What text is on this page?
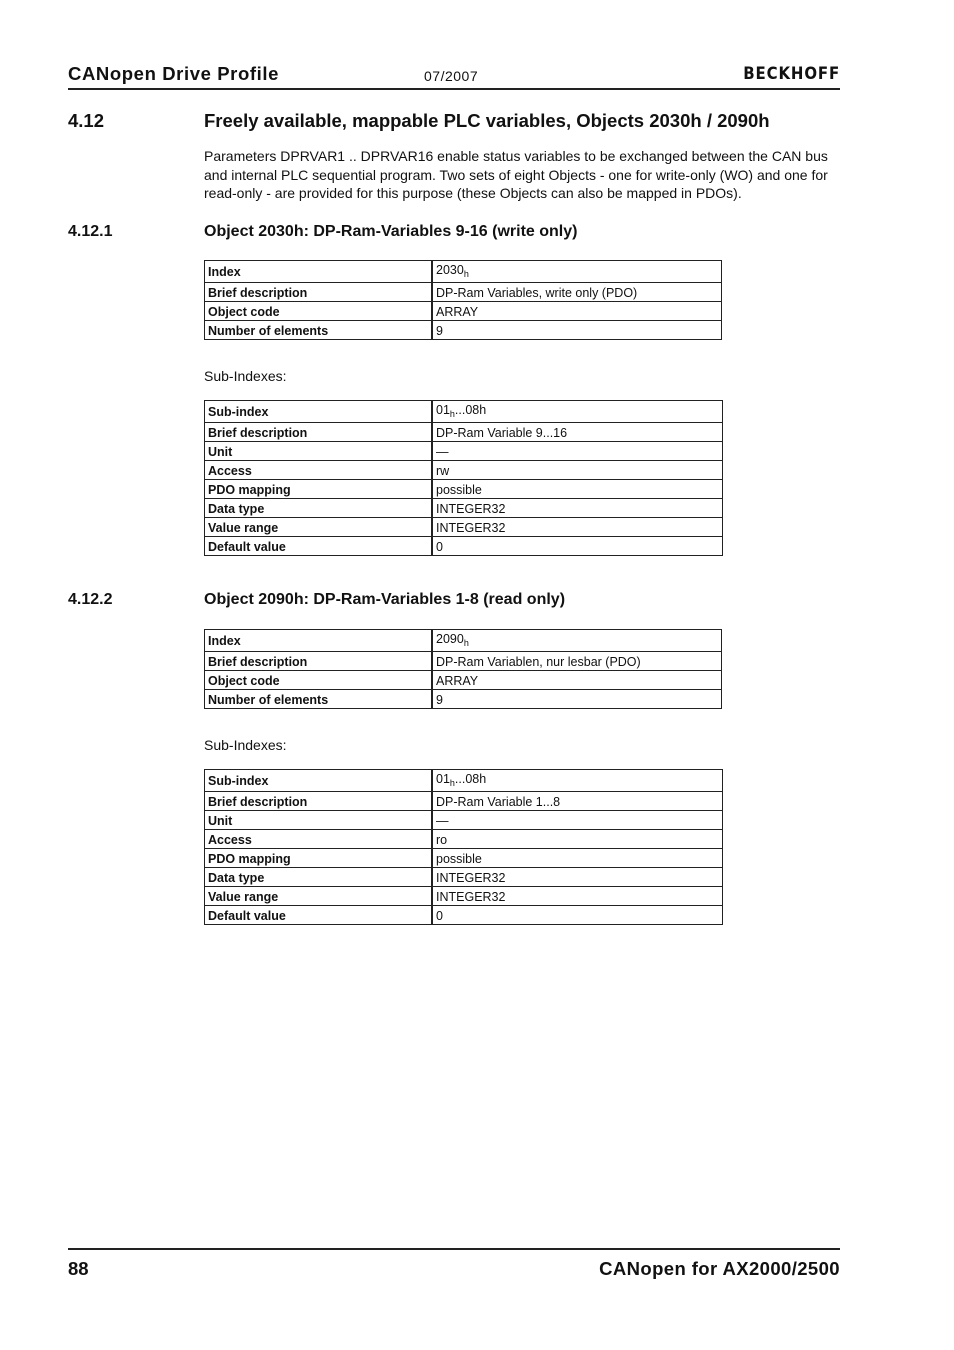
CANopen Drive Profile	07/2007	BECKHOFF
4.12	Freely available, mappable PLC variables, Objects 2030h / 2090h
Parameters DPRVAR1 .. DPRVAR16 enable status variables to be exchanged between the CAN bus and internal PLC sequential program. Two sets of eight Objects - one for write-only (WO) and one for read-only - are provided for this purpose (these Objects can also be mapped in PDOs).
4.12.1	Object 2030h: DP-Ram-Variables 9-16 (write only)
Index	$2030_h$
Brief description	DP-Ram Variables, write only (PDO)
Object code	ARRAY
Number of elements	9
Sub-Indexes:
Sub-index	$01_h...08h$
Brief description	DP-Ram Variable 9...16
Unit	—
Access	rw
PDO mapping	possible
Data type	INTEGER32
Value range	INTEGER32
Default value	0
4.12.2	Object 2090h: DP-Ram-Variables 1-8 (read only)
Index	$2090_h$
Brief description	DP-Ram Variablen, nur lesbar (PDO)
Object code	ARRAY
Number of elements	9
Sub-Indexes:
Sub-index	$01_h...08h$
Brief description	DP-Ram Variable 1...8
Unit	—
Access	ro
PDO mapping	possible
Data type	INTEGER32
Value range	INTEGER32
Default value	0
88	CANopen for AX2000/2500
